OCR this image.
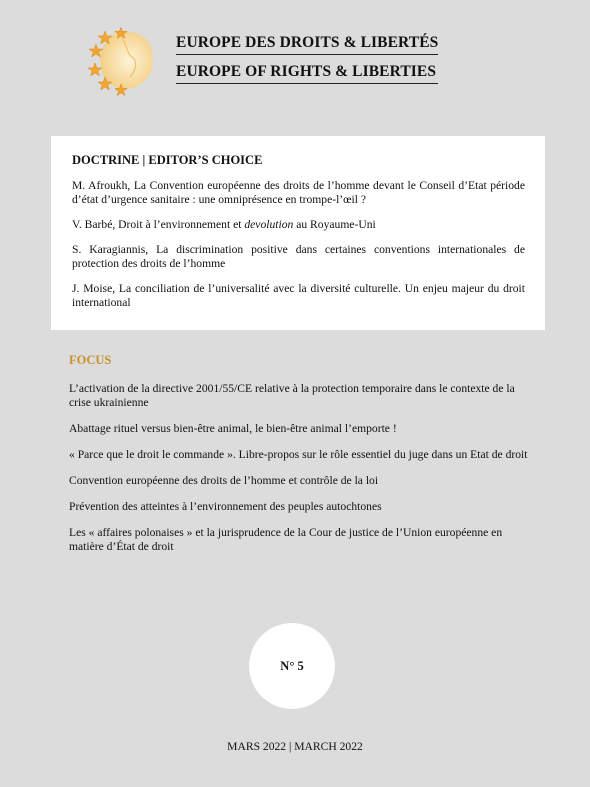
EUROPE DES DROITS & LIBERTÉS
EUROPE OF RIGHTS & LIBERTIES
DOCTRINE | EDITOR’S CHOICE

M. Afroukh, La Convention européenne des droits de l’homme devant le Conseil d’Etat période d’état d’urgence sanitaire : une omniprésence en trompe-l’œil ?

V. Barbé, Droit à l’environnement et devolution au Royaume-Uni

S. Karagiannis, La discrimination positive dans certaines conventions internationales de protection des droits de l’homme

J. Moise, La conciliation de l’universalité avec la diversité culturelle. Un enjeu majeur du droit international

FOCUS

L’activation de la directive 2001/55/CE relative à la protection temporaire dans le contexte de la crise ukrainienne

Abattage rituel versus bien-être animal, le bien-être animal l’emporte !

« Parce que le droit le commande ». Libre-propos sur le rôle essentiel du juge dans un Etat de droit

Convention européenne des droits de l’homme et contrôle de la loi

Prévention des atteintes à l’environnement des peuples autochtones

Les « affaires polonaises » et la jurisprudence de la Cour de justice de l’Union européenne en matière d’État de droit

N° 5
MARS 2022 | MARCH 2022
